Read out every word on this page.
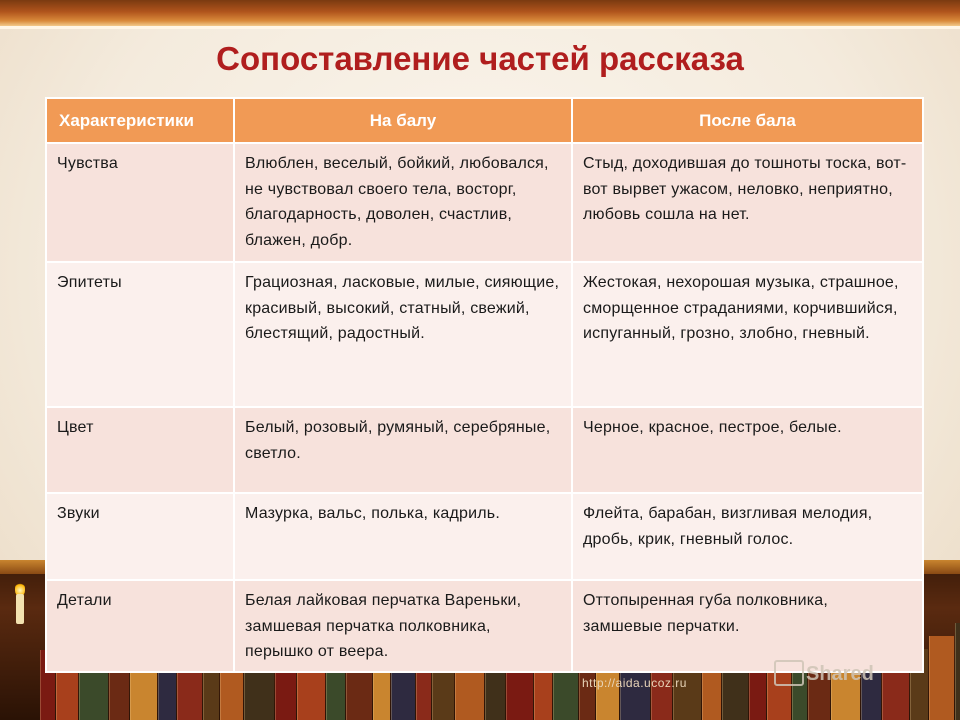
Сопоставление частей рассказа
Характеристики	На балу	После бала
Чувства	Влюблен, веселый, бойкий, любовался, не чувствовал своего тела, восторг, благодарность, доволен, счастлив, блажен, добр.	Стыд, доходившая до тошноты тоска, вот-вот вырвет ужасом, неловко, неприятно, любовь сошла на нет.
Эпитеты	Грациозная, ласковые, милые, сияющие, красивый, высокий, статный, свежий, блестящий, радостный.	Жестокая, нехорошая музыка, страшное, сморщенное страданиями, корчившийся, испуганный, грозно, злобно, гневный.
Цвет	Белый, розовый, румяный, серебряные, светло.	Черное, красное, пестрое, белые.
Звуки	Мазурка, вальс, полька, кадриль.	Флейта, барабан, визгливая мелодия, дробь, крик, гневный голос.
Детали	Белая лайковая перчатка Вареньки, замшевая перчатка полковника, перышко от веера.	Оттопыренная губа полковника, замшевые перчатки.
http://aida.ucoz.ru	Shared
